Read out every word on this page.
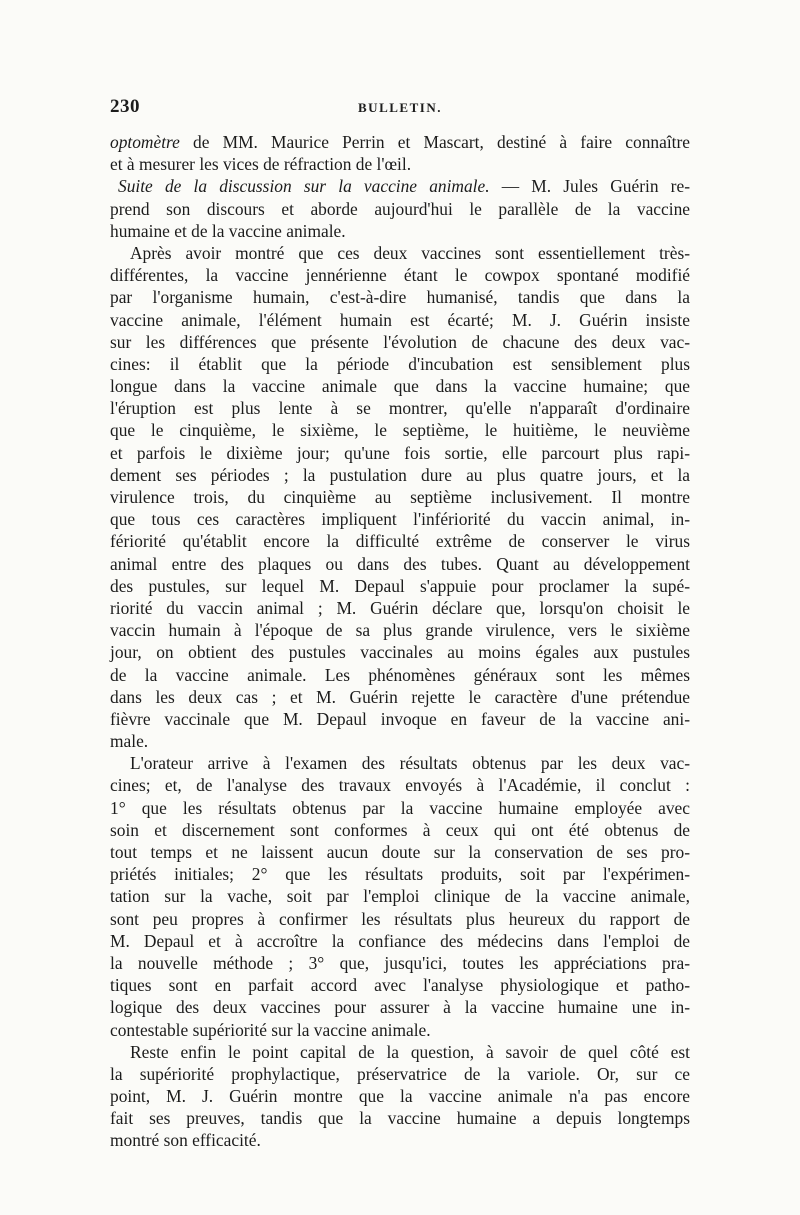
230	BULLETIN.
optomètre de MM. Maurice Perrin et Mascart, destiné à faire connaître
et à mesurer les vices de réfraction de l'œil.
Suite de la discussion sur la vaccine animale. — M. Jules Guérin re-
prend son discours et aborde aujourd'hui le parallèle de la vaccine
humaine et de la vaccine animale.
Après avoir montré que ces deux vaccines sont essentiellement très-
différentes, la vaccine jennérienne étant le cowpox spontané modifié
par l'organisme humain, c'est-à-dire humanisé, tandis que dans la
vaccine animale, l'élément humain est écarté; M. J. Guérin insiste
sur les différences que présente l'évolution de chacune des deux vac-
cines: il établit que la période d'incubation est sensiblement plus
longue dans la vaccine animale que dans la vaccine humaine; que
l'éruption est plus lente à se montrer, qu'elle n'apparaît d'ordinaire
que le cinquième, le sixième, le septième, le huitième, le neuvième
et parfois le dixième jour; qu'une fois sortie, elle parcourt plus rapi-
dement ses périodes ; la pustulation dure au plus quatre jours, et la
virulence trois, du cinquième au septième inclusivement. Il montre
que tous ces caractères impliquent l'infériorité du vaccin animal, in-
fériorité qu'établit encore la difficulté extrême de conserver le virus
animal entre des plaques ou dans des tubes. Quant au développement
des pustules, sur lequel M. Depaul s'appuie pour proclamer la supé-
riorité du vaccin animal ; M. Guérin déclare que, lorsqu'on choisit le
vaccin humain à l'époque de sa plus grande virulence, vers le sixième
jour, on obtient des pustules vaccinales au moins égales aux pustules
de la vaccine animale. Les phénomènes généraux sont les mêmes
dans les deux cas ; et M. Guérin rejette le caractère d'une prétendue
fièvre vaccinale que M. Depaul invoque en faveur de la vaccine ani-
male.
L'orateur arrive à l'examen des résultats obtenus par les deux vac-
cines; et, de l'analyse des travaux envoyés à l'Académie, il conclut :
1° que les résultats obtenus par la vaccine humaine employée avec
soin et discernement sont conformes à ceux qui ont été obtenus de
tout temps et ne laissent aucun doute sur la conservation de ses pro-
priétés initiales; 2° que les résultats produits, soit par l'expérimen-
tation sur la vache, soit par l'emploi clinique de la vaccine animale,
sont peu propres à confirmer les résultats plus heureux du rapport de
M. Depaul et à accroître la confiance des médecins dans l'emploi de
la nouvelle méthode ; 3° que, jusqu'ici, toutes les appréciations pra-
tiques sont en parfait accord avec l'analyse physiologique et patho-
logique des deux vaccines pour assurer à la vaccine humaine une in-
contestable supériorité sur la vaccine animale.
Reste enfin le point capital de la question, à savoir de quel côté est
la supériorité prophylactique, préservatrice de la variole. Or, sur ce
point, M. J. Guérin montre que la vaccine animale n'a pas encore
fait ses preuves, tandis que la vaccine humaine a depuis longtemps
montré son efficacité.
